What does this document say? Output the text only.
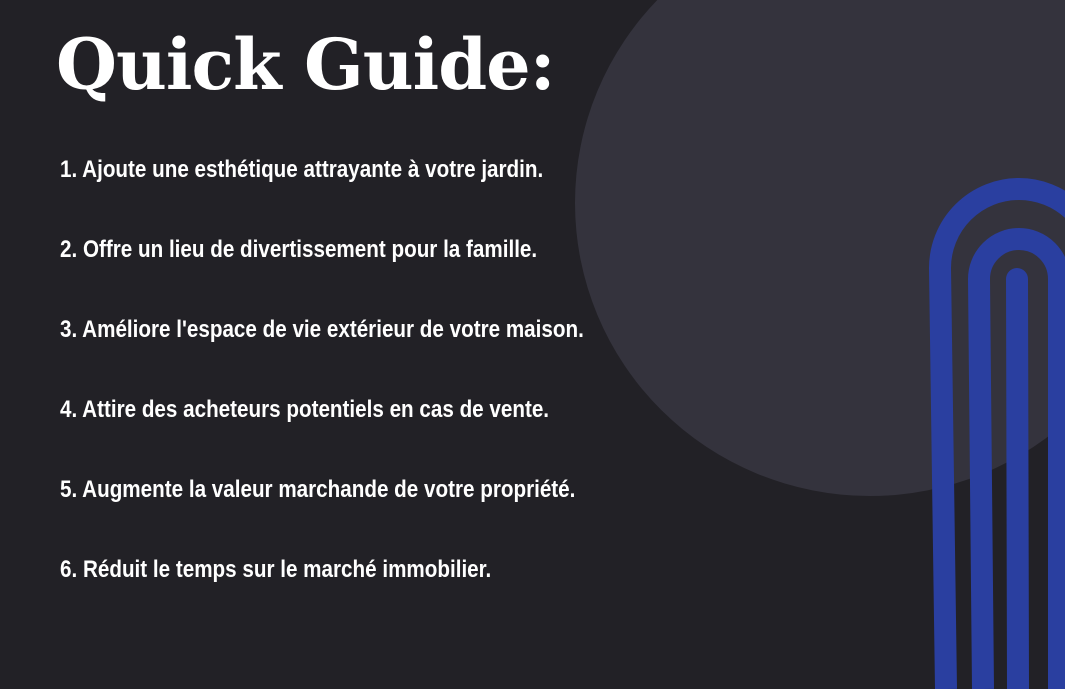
Quick Guide:
1. Ajoute une esthétique attrayante à votre jardin.
2. Offre un lieu de divertissement pour la famille.
3. Améliore l'espace de vie extérieur de votre maison.
4. Attire des acheteurs potentiels en cas de vente.
5. Augmente la valeur marchande de votre propriété.
6. Réduit le temps sur le marché immobilier.
